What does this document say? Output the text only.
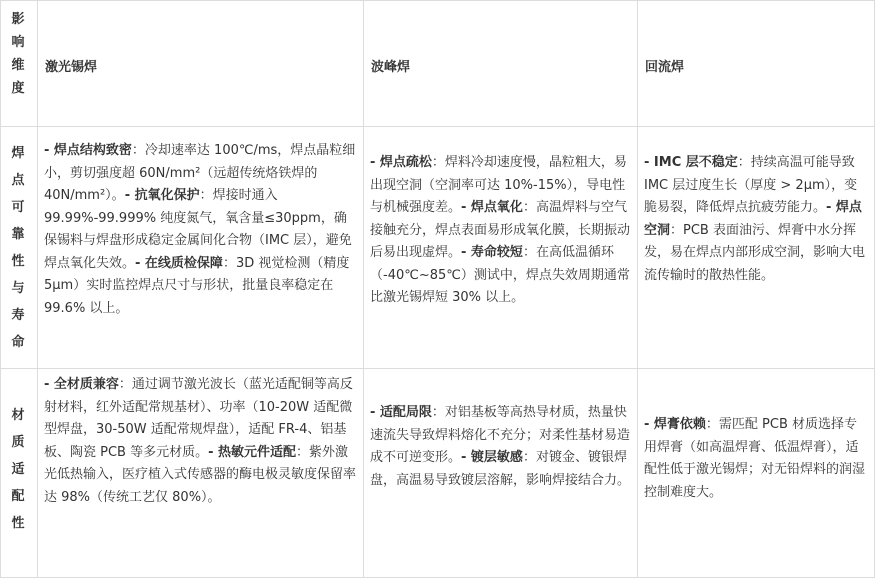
影响维度
激光锡焊	波峰焊	回流焊
焊点可靠性与寿命
- 焊点结构致密：冷却速率达 100℃/ms，焊点晶粒细小，剪切强度超 60N/mm²（远超传统烙铁焊的 40N/mm²）。- 抗氧化保护：焊接时通入 99.99%-99.999% 纯度氮气，氧含量≤30ppm，确保锡料与焊盘形成稳定金属间化合物（IMC 层），避免焊点氧化失效。- 在线质检保障：3D 视觉检测（精度 5μm）实时监控焊点尺寸与形状，批量良率稳定在 99.6% 以上。
- 焊点疏松：焊料冷却速度慢，晶粒粗大，易出现空洞（空洞率可达 10%-15%），导电性与机械强度差。- 焊点氧化：高温焊料与空气接触充分，焊点表面易形成氧化膜，长期振动后易出现虚焊。- 寿命较短：在高低温循环（-40℃~85℃）测试中，焊点失效周期通常比激光锡焊短 30% 以上。
- IMC 层不稳定：持续高温可能导致 IMC 层过度生长（厚度 > 2μm），变脆易裂，降低焊点抗疲劳能力。- 焊点空洞：PCB 表面油污、焊膏中水分挥发，易在焊点内部形成空洞，影响大电流传输时的散热性能。
材质适配性
- 全材质兼容：通过调节激光波长（蓝光适配铜等高反射材料，红外适配常规基材）、功率（10-20W 适配微型焊盘，30-50W 适配常规焊盘），适配 FR-4、铝基板、陶瓷 PCB 等多元材质。- 热敏元件适配：紫外激光低热输入，医疗植入式传感器的酶电极灵敏度保留率达 98%（传统工艺仅 80%）。
- 适配局限：对铝基板等高热导材质，热量快速流失导致焊料熔化不充分；对柔性基材易造成不可逆变形。- 镀层敏感：对镀金、镀银焊盘，高温易导致镀层溶解，影响焊接结合力。
- 焊膏依赖：需匹配 PCB 材质选择专用焊膏（如高温焊膏、低温焊膏），适配性低于激光锡焊；对无铅焊料的润湿控制难度大。
